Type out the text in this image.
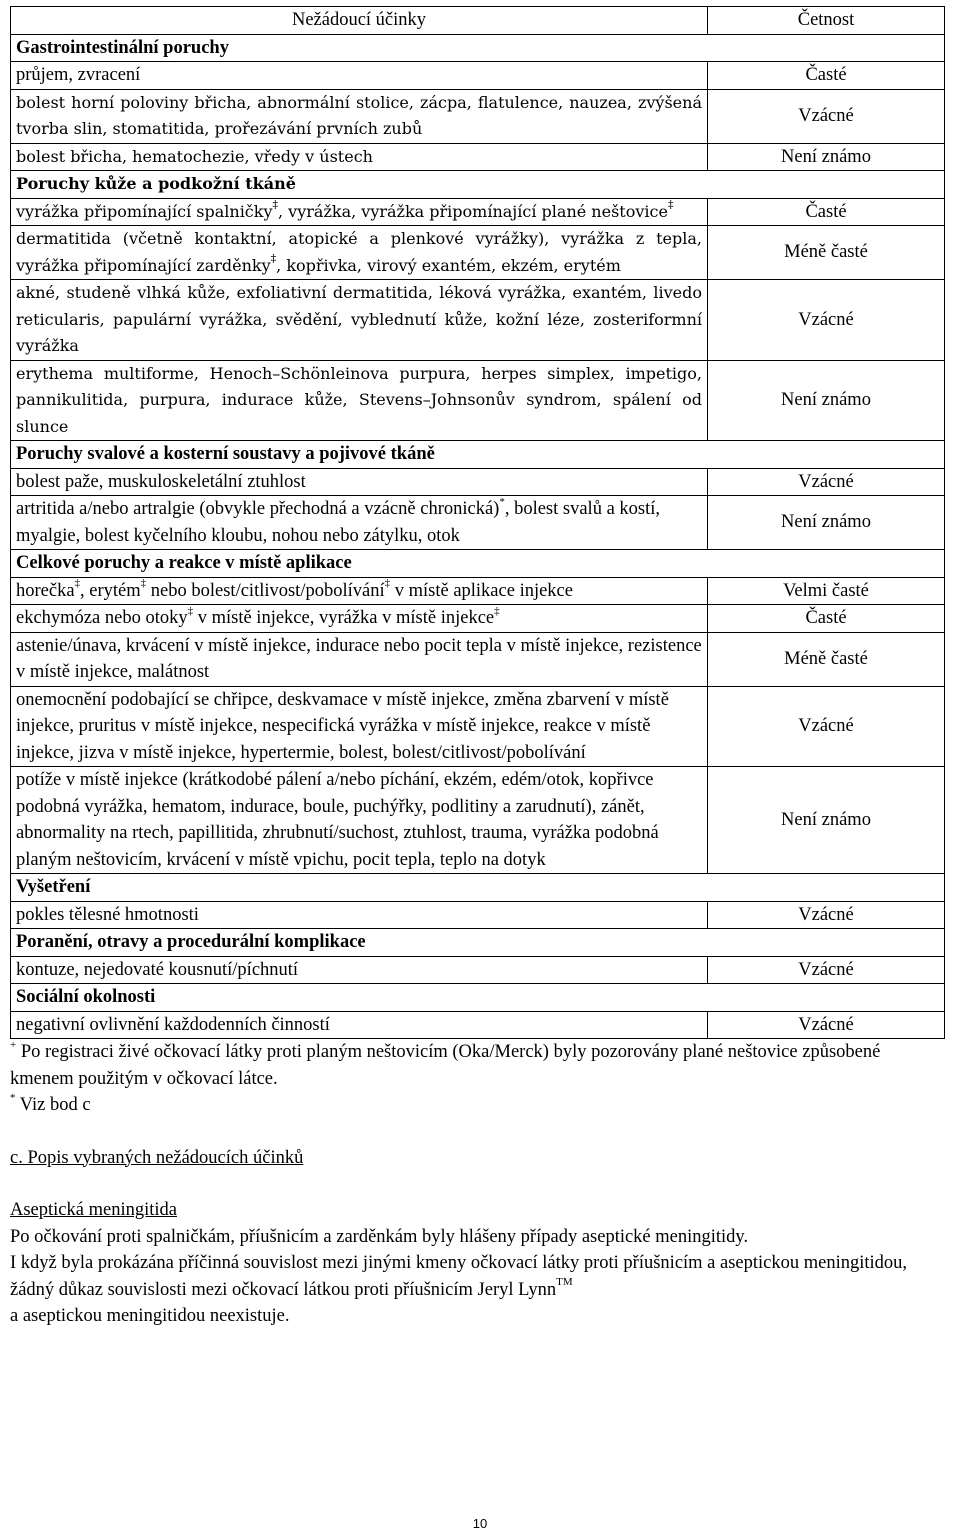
Nežádoucí účinky	Četnost
Gastrointestinální poruchy	
průjem, zvracení	Časté
bolest horní poloviny břicha, abnormální stolice, zácpa, flatulence, nauzea, zvýšená tvorba slin, stomatitida, prořezávání prvních zubů	Vzácné
bolest břicha, hematochezie, vředy v ústech	Není známo
Poruchy kůže a podkožní tkáně	
vyrážka připomínající spalničky‡, vyrážka, vyrážka připomínající plané neštovice‡	Časté
dermatitida (včetně kontaktní, atopické a plenkové vyrážky), vyrážka z tepla, vyrážka připomínající zarděnky‡, kopřivka, virový exantém, ekzém, erytém	Méně časté
akné, studeně vlhká kůže, exfoliativní dermatitida, léková vyrážka, exantém, livedo reticularis, papulární vyrážka, svědění, vyblednutí kůže, kožní léze, zosteriformní vyrážka	Vzácné
erythema multiforme, Henoch–Schönleinova purpura, herpes simplex, impetigo, pannikulitida, purpura, indurace kůže, Stevens–Johnsonův syndrom, spálení od slunce	Není známo
Poruchy svalové a kosterní soustavy a pojivové tkáně	
bolest paže, muskuloskeletální ztuhlost	Vzácné
artritida a/nebo artralgie (obvykle přechodná a vzácně chronická)*, bolest svalů a kostí, myalgie, bolest kyčelního kloubu, nohou nebo zátylku, otok	Není známo
Celkové poruchy a reakce v místě aplikace	
horečka‡, erytém‡ nebo bolest/citlivost/pobolívání‡ v místě aplikace injekce	Velmi časté
ekchymóza nebo otoky‡ v místě injekce, vyrážka v místě injekce‡	Časté
astenie/únava, krvácení v místě injekce, indurace nebo pocit tepla v místě injekce, rezistence v místě injekce, malátnost	Méně časté
onemocnění podobající se chřipce, deskvamace v místě injekce, změna zbarvení v místě injekce, pruritus v místě injekce, nespecifická vyrážka v místě injekce, reakce v místě injekce, jizva v místě injekce, hypertermie, bolest, bolest/citlivost/pobolívání	Vzácné
potíže v místě injekce (krátkodobé pálení a/nebo píchání, ekzém, edém/otok, kopřivce podobná vyrážka, hematom, indurace, boule, puchýřky, podlitiny a zarudnutí), zánět, abnormality na rtech, papillitida, zhrubnutí/suchost, ztuhlost, trauma, vyrážka podobná planým neštovicím, krvácení v místě vpichu, pocit tepla, teplo na dotyk	Není známo
Vyšetření	
pokles tělesné hmotnosti	Vzácné
Poranění, otravy a procedurální komplikace	
kontuze, nejedovaté kousnutí/píchnutí	Vzácné
Sociální okolnosti	
negativní ovlivnění každodenních činností	Vzácné

+ Po registraci živé očkovací látky proti planým neštovicím (Oka/Merck) byly pozorovány plané neštovice způsobené kmenem použitým v očkovací látce.

* Viz bod c

c. Popis vybraných nežádoucích účinků

Aseptická meningitida

Po očkování proti spalničkám, příušnicím a zarděnkám byly hlášeny případy aseptické meningitidy.

I když byla prokázána příčinná souvislost mezi jinými kmeny očkovací látky proti příušnicím a aseptickou meningitidou, žádný důkaz souvislosti mezi očkovací látkou proti příušnicím Jeryl Lynn™
a aseptickou meningitidou neexistuje.

10
